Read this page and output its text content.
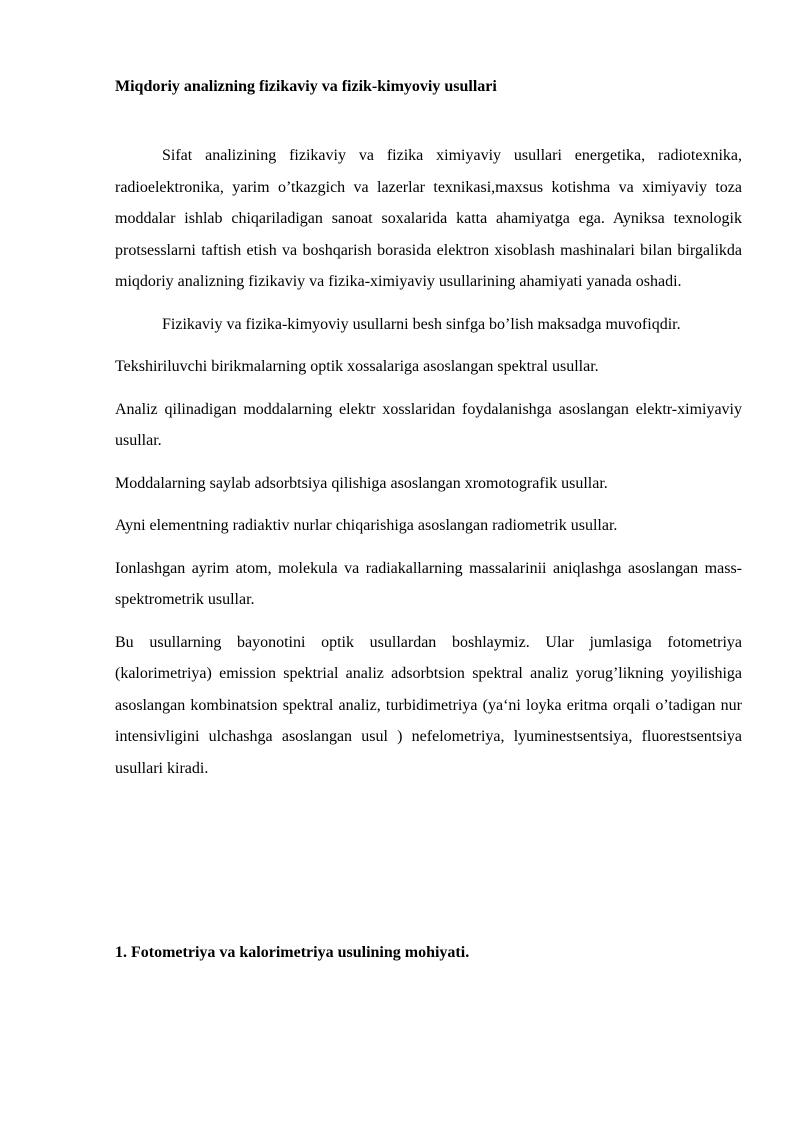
Miqdoriy analizning fizikaviy va fizik-kimyoviy usullari

Sifat analizining fizikaviy va fizika ximiyaviy usullari energetika, radiotexnika, radioelektronika, yarim o’tkazgich va lazerlar texnikasi,maxsus kotishma va ximiyaviy toza moddalar ishlab chiqariladigan sanoat soxalarida katta ahamiyatga ega. Ayniksa texnologik protsesslarni taftish etish va boshqarish borasida elektron xisoblash mashinalari bilan birgalikda miqdoriy analizning fizikaviy va fizika-ximiyaviy usullarining ahamiyati yanada oshadi.

Fizikaviy va fizika-kimyoviy usullarni besh sinfga bo’lish maksadga muvofiqdir.

Tekshiriluvchi birikmalarning optik xossalariga asoslangan spektral usullar.

Analiz qilinadigan moddalarning elektr xosslaridan foydalanishga asoslangan elektr-ximiyaviy usullar.

Moddalarning saylab adsorbtsiya qilishiga asoslangan xromotografik usullar.

Ayni elementning radiaktiv nurlar chiqarishiga asoslangan radiometrik usullar.

Ionlashgan ayrim atom, molekula va radiakallarning massalarinii aniqlashga asoslangan mass-spektrometrik usullar.

Bu usullarning bayonotini optik usullardan boshlaymiz. Ular jumlasiga fotometriya (kalorimetriya) emission spektrial analiz adsorbtsion spektral analiz yorug’likning yoyilishiga asoslangan kombinatsion spektral analiz, turbidimetriya (ya‘ni loyka eritma orqali o’tadigan nur intensivligini ulchashga asoslangan usul ) nefelometriya, lyuminestsentsiya, fluorestsentsiya usullari kiradi.

1. Fotometriya va kalorimetriya usulining mohiyati.
